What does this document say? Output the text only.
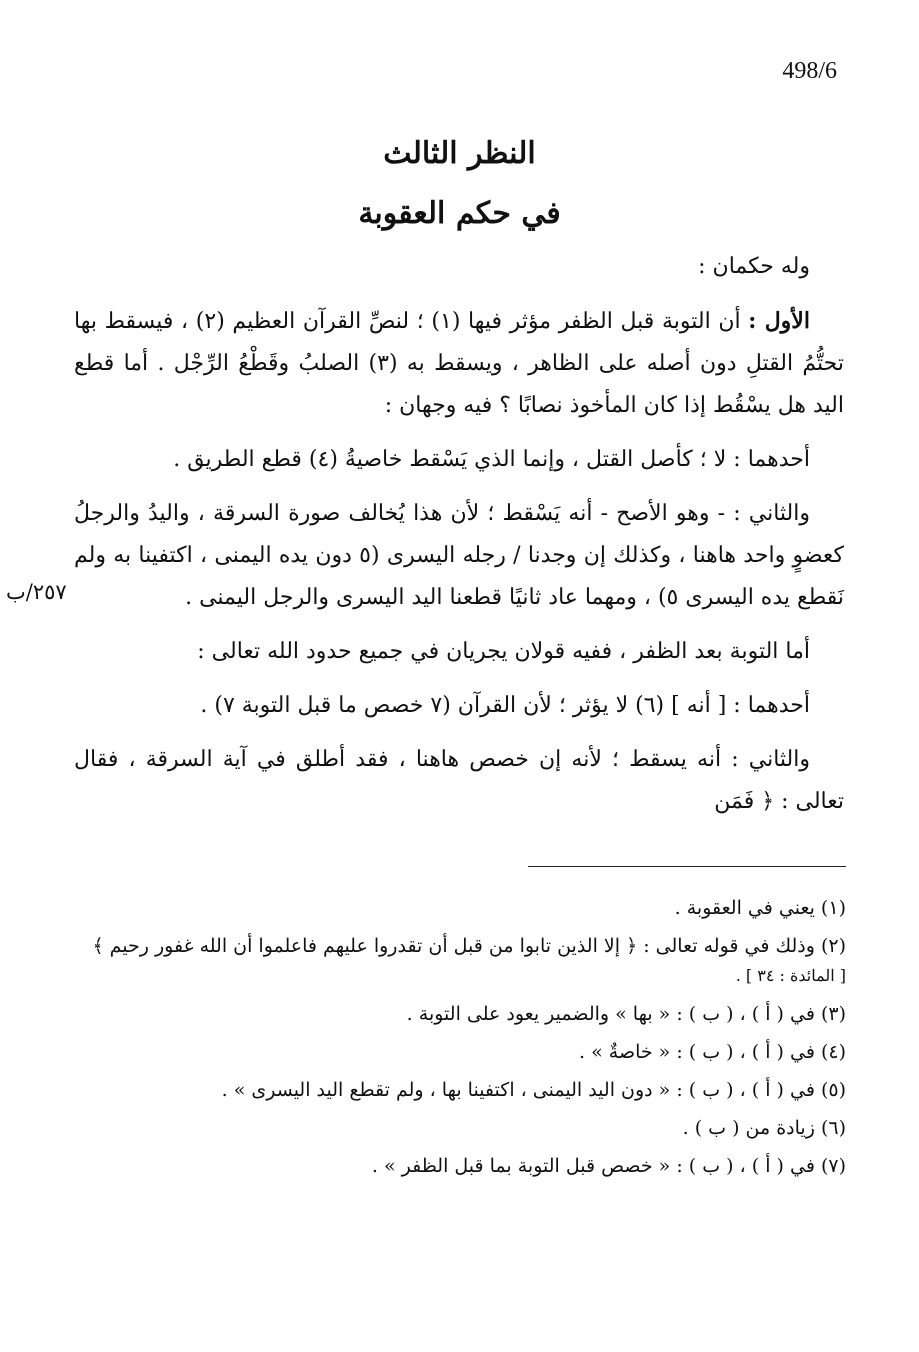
498/6
٢٥٧/ب
النظر الثالث
في حكم العقوبة

وله حكمان :

الأول : أن التوبة قبل الظفر مؤثر فيها (١) ؛ لنصِّ القرآن العظيم (٢) ، فيسقط بها تحتُّمُ القتلِ دون أصله على الظاهر ، ويسقط به (٣) الصلبُ وقَطْعُ الرِّجْل . أما قطع اليد هل يسْقُط إذا كان المأخوذ نصابًا ؟ فيه وجهان :

أحدهما : لا ؛ كأصل القتل ، وإنما الذي يَسْقط خاصيةُ (٤) قطع الطريق .

والثاني : - وهو الأصح - أنه يَسْقط ؛ لأن هذا يُخالف صورة السرقة ، واليدُ والرجلُ كعضوٍ واحد هاهنا ، وكذلك إن وجدنا / رجله اليسرى (٥ دون يده اليمنى ، اكتفينا به ولم نَقطع يده اليسرى ٥) ، ومهما عاد ثانيًا قطعنا اليد اليسرى والرجل اليمنى .

أما التوبة بعد الظفر ، ففيه قولان يجريان في جميع حدود الله تعالى :

أحدهما : [ أنه ] (٦) لا يؤثر ؛ لأن القرآن (٧ خصص ما قبل التوبة ٧) .

والثاني : أنه يسقط ؛ لأنه إن خصص هاهنا ، فقد أطلق في آية السرقة ، فقال تعالى : ﴿ فَمَن

(١) يعني في العقوبة .

(٢) وذلك في قوله تعالى : ﴿ إلا الذين تابوا من قبل أن تقدروا عليهم فاعلموا أن الله غفور رحيم ﴾
[ المائدة : ٣٤ ] .

(٣) في ( أ ) ، ( ب ) : « بها » والضمير يعود على التوبة .

(٤) في ( أ ) ، ( ب ) : « خاصةٌ » .

(٥) في ( أ ) ، ( ب ) : « دون اليد اليمنى ، اكتفينا بها ، ولم تقطع اليد اليسرى » .

(٦) زيادة من ( ب ) .

(٧) في ( أ ) ، ( ب ) : « خصص قبل التوبة بما قبل الظفر » .
